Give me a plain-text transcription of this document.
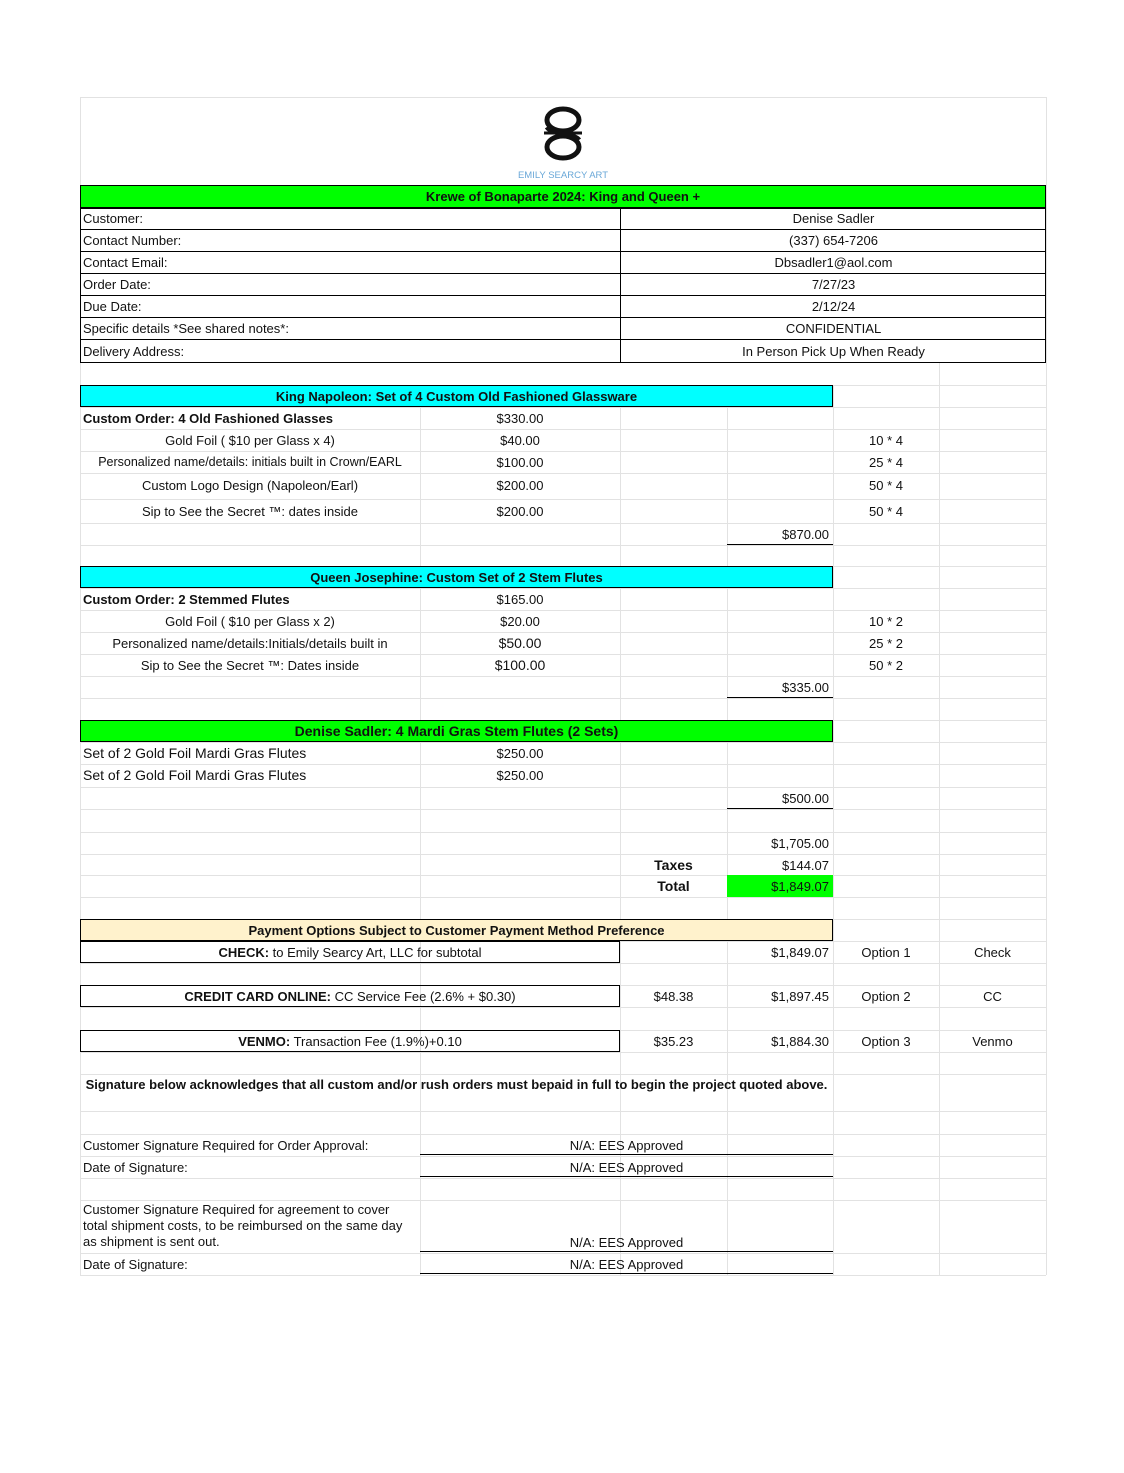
EMILY SEARCY ART
Krewe of Bonaparte 2024: King and Queen +
Customer:	Denise Sadler
Contact Number:	(337) 654-7206
Contact Email:	Dbsadler1@aol.com
Order Date:	7/27/23
Due Date:	2/12/24
Specific details *See shared notes*:	CONFIDENTIAL
Delivery Address:	In Person Pick Up When Ready
King Napoleon: Set of 4 Custom Old Fashioned Glassware
Custom Order: 4 Old Fashioned Glasses	$330.00
Gold Foil ( $10 per Glass x 4)	$40.00	10 * 4
Personalized name/details: initials built in Crown/EARL	$100.00	25 * 4
Custom Logo Design (Napoleon/Earl)	$200.00	50 * 4
Sip to See the Secret ™: dates inside	$200.00	50 * 4
$870.00
Queen Josephine: Custom Set of 2 Stem Flutes
Custom Order: 2 Stemmed Flutes	$165.00
Gold Foil ( $10 per Glass x 2)	$20.00	10 * 2
Personalized name/details:Initials/details built in	$50.00	25 * 2
Sip to See the Secret ™: Dates inside	$100.00	50 * 2
$335.00
Denise Sadler: 4 Mardi Gras Stem Flutes (2 Sets)
Set of 2 Gold Foil Mardi Gras Flutes	$250.00
Set of 2 Gold Foil Mardi Gras Flutes	$250.00
$500.00
$1,705.00
Taxes	$144.07
Total	$1,849.07
Payment Options Subject to Customer Payment Method Preference
CHECK: to Emily Searcy Art, LLC for subtotal	$1,849.07	Option 1	Check
CREDIT CARD ONLINE: CC Service Fee (2.6% + $0.30)	$48.38	$1,897.45	Option 2	CC
VENMO: Transaction Fee (1.9%)+0.10	$35.23	$1,884.30	Option 3	Venmo
Signature below acknowledges that all custom and/or rush orders must bepaid in full to begin the project quoted above.
Customer Signature Required for Order Approval:	N/A: EES Approved
Date of Signature:	N/A: EES Approved
Customer Signature Required for agreement to cover total shipment costs, to be reimbursed on the same day as shipment is sent out.	N/A: EES Approved
Date of Signature:	N/A: EES Approved
